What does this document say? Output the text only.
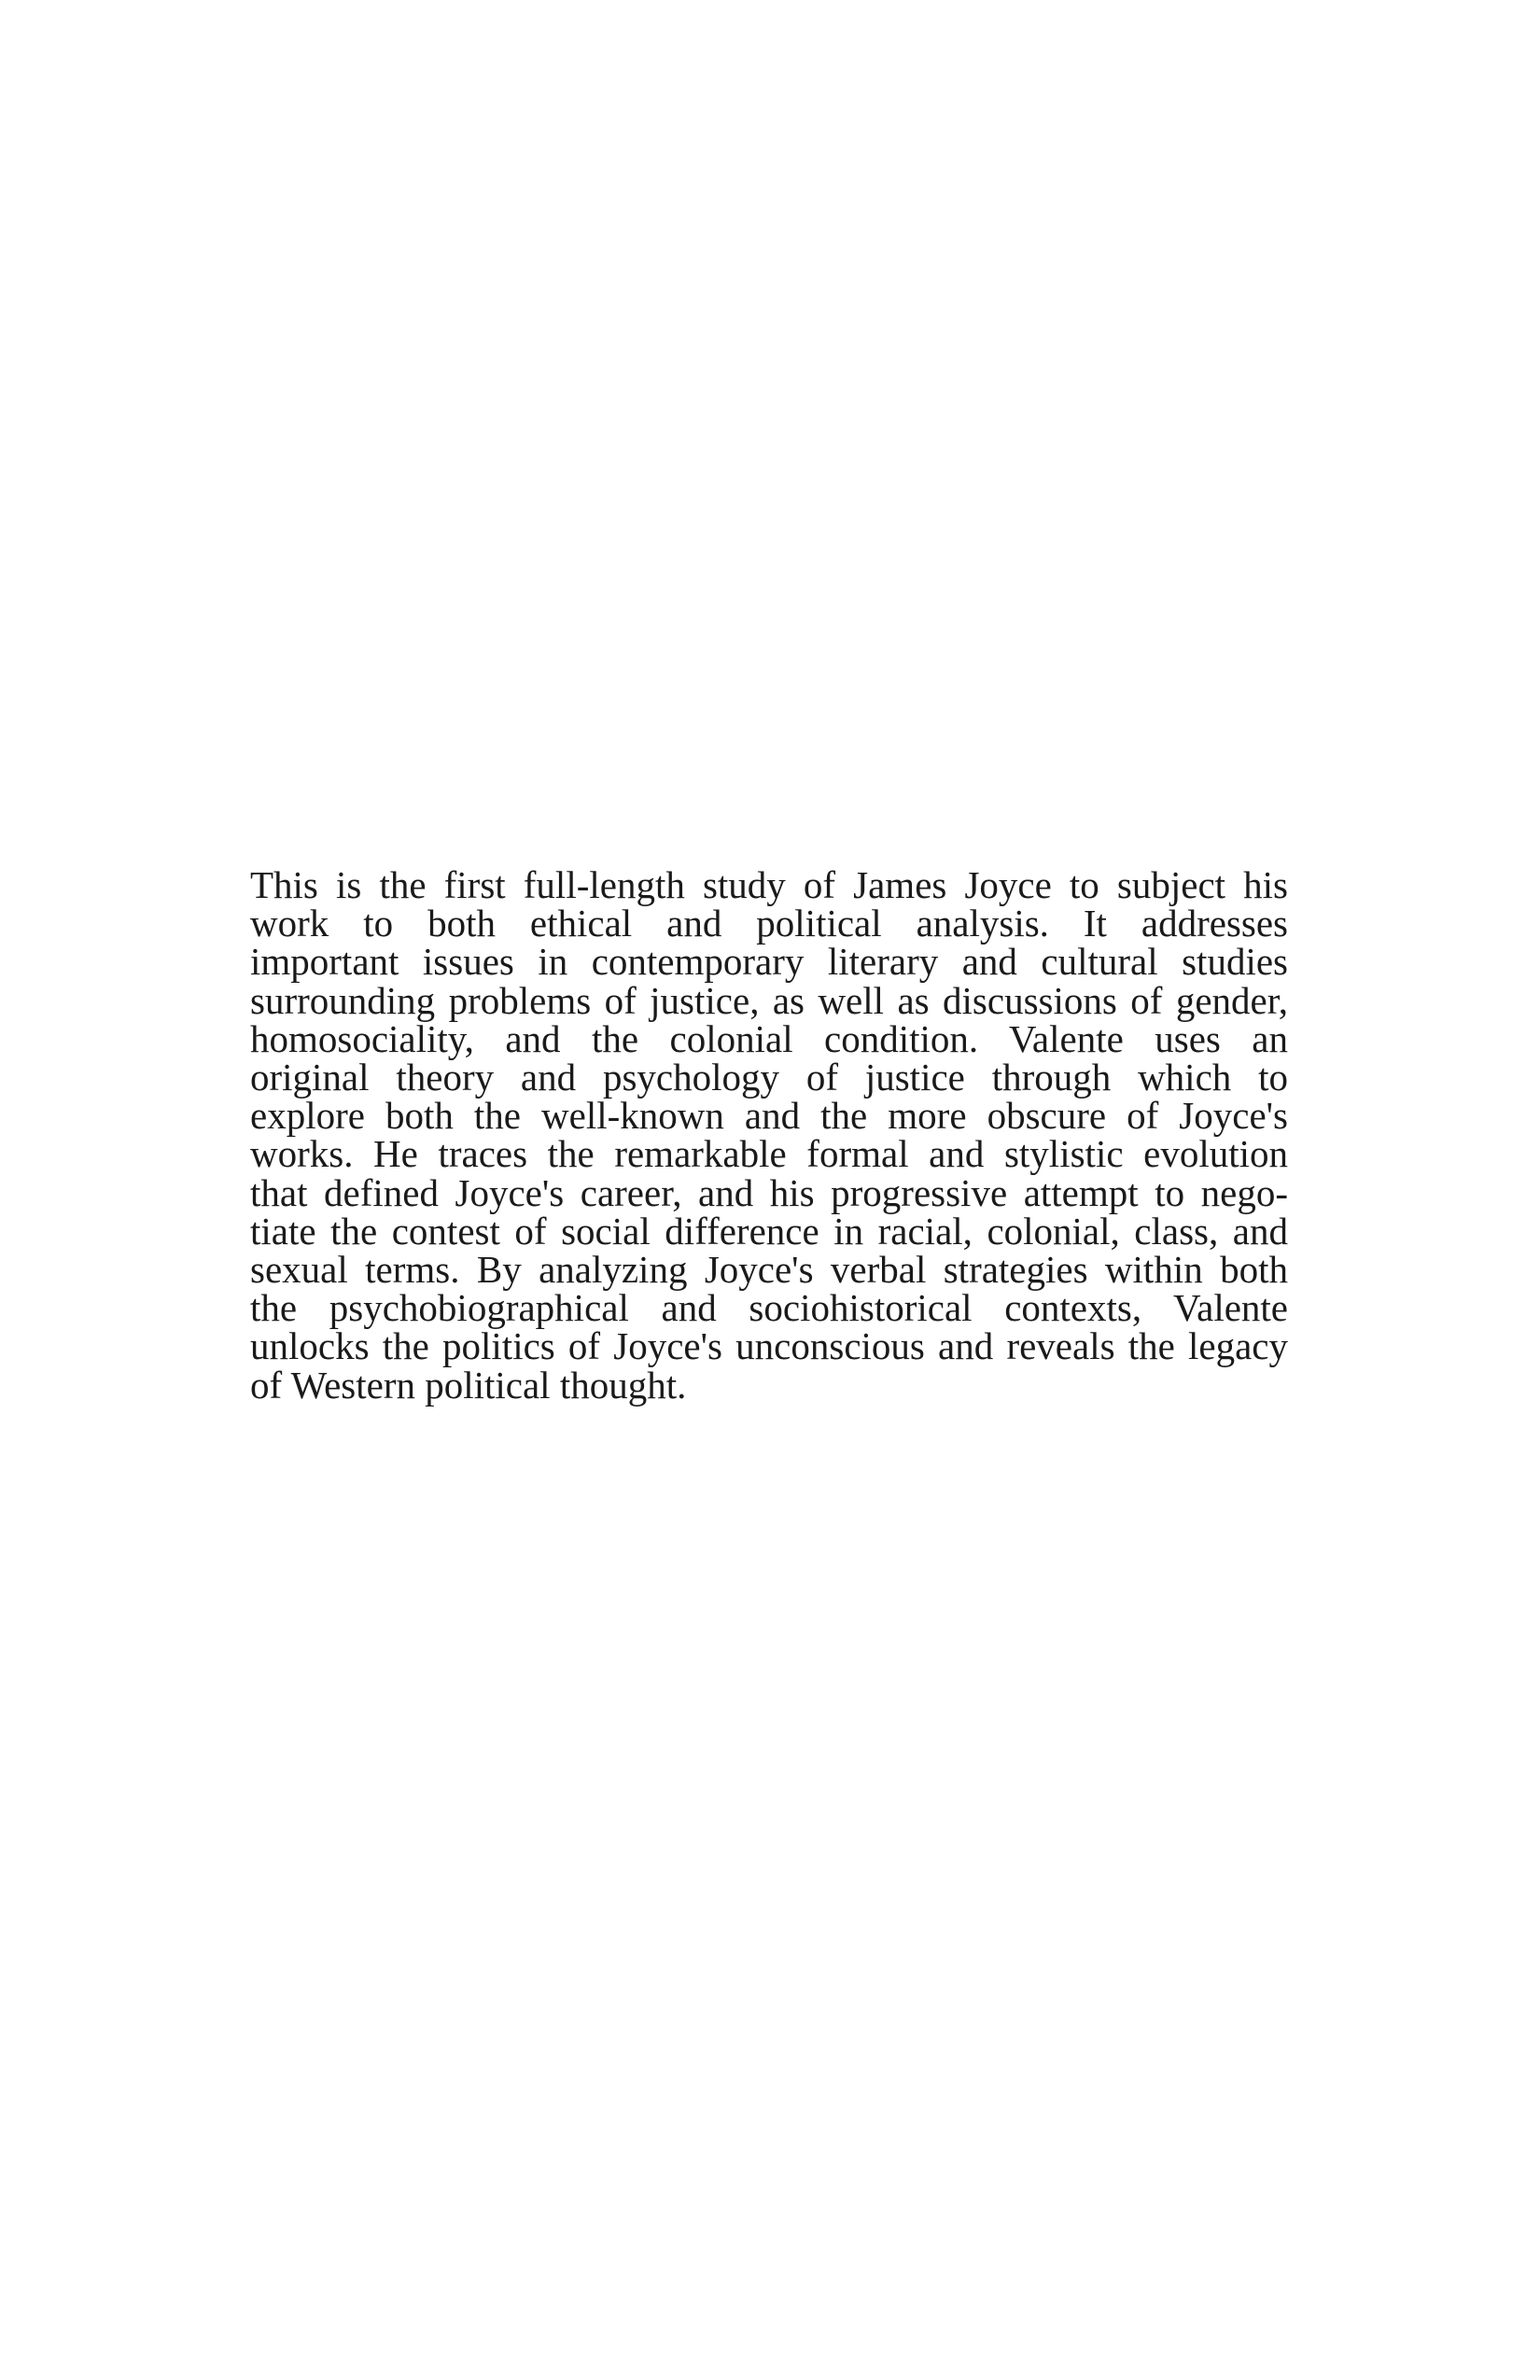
This is the first full-length study of James Joyce to subject his
work to both ethical and political analysis. It addresses
important issues in contemporary literary and cultural studies
surrounding problems of justice, as well as discussions of gender,
homosociality, and the colonial condition. Valente uses an
original theory and psychology of justice through which to
explore both the well-known and the more obscure of Joyce's
works. He traces the remarkable formal and stylistic evolution
that defined Joyce's career, and his progressive attempt to nego-
tiate the contest of social difference in racial, colonial, class, and
sexual terms. By analyzing Joyce's verbal strategies within both
the psychobiographical and sociohistorical contexts, Valente
unlocks the politics of Joyce's unconscious and reveals the legacy
of Western political thought.
